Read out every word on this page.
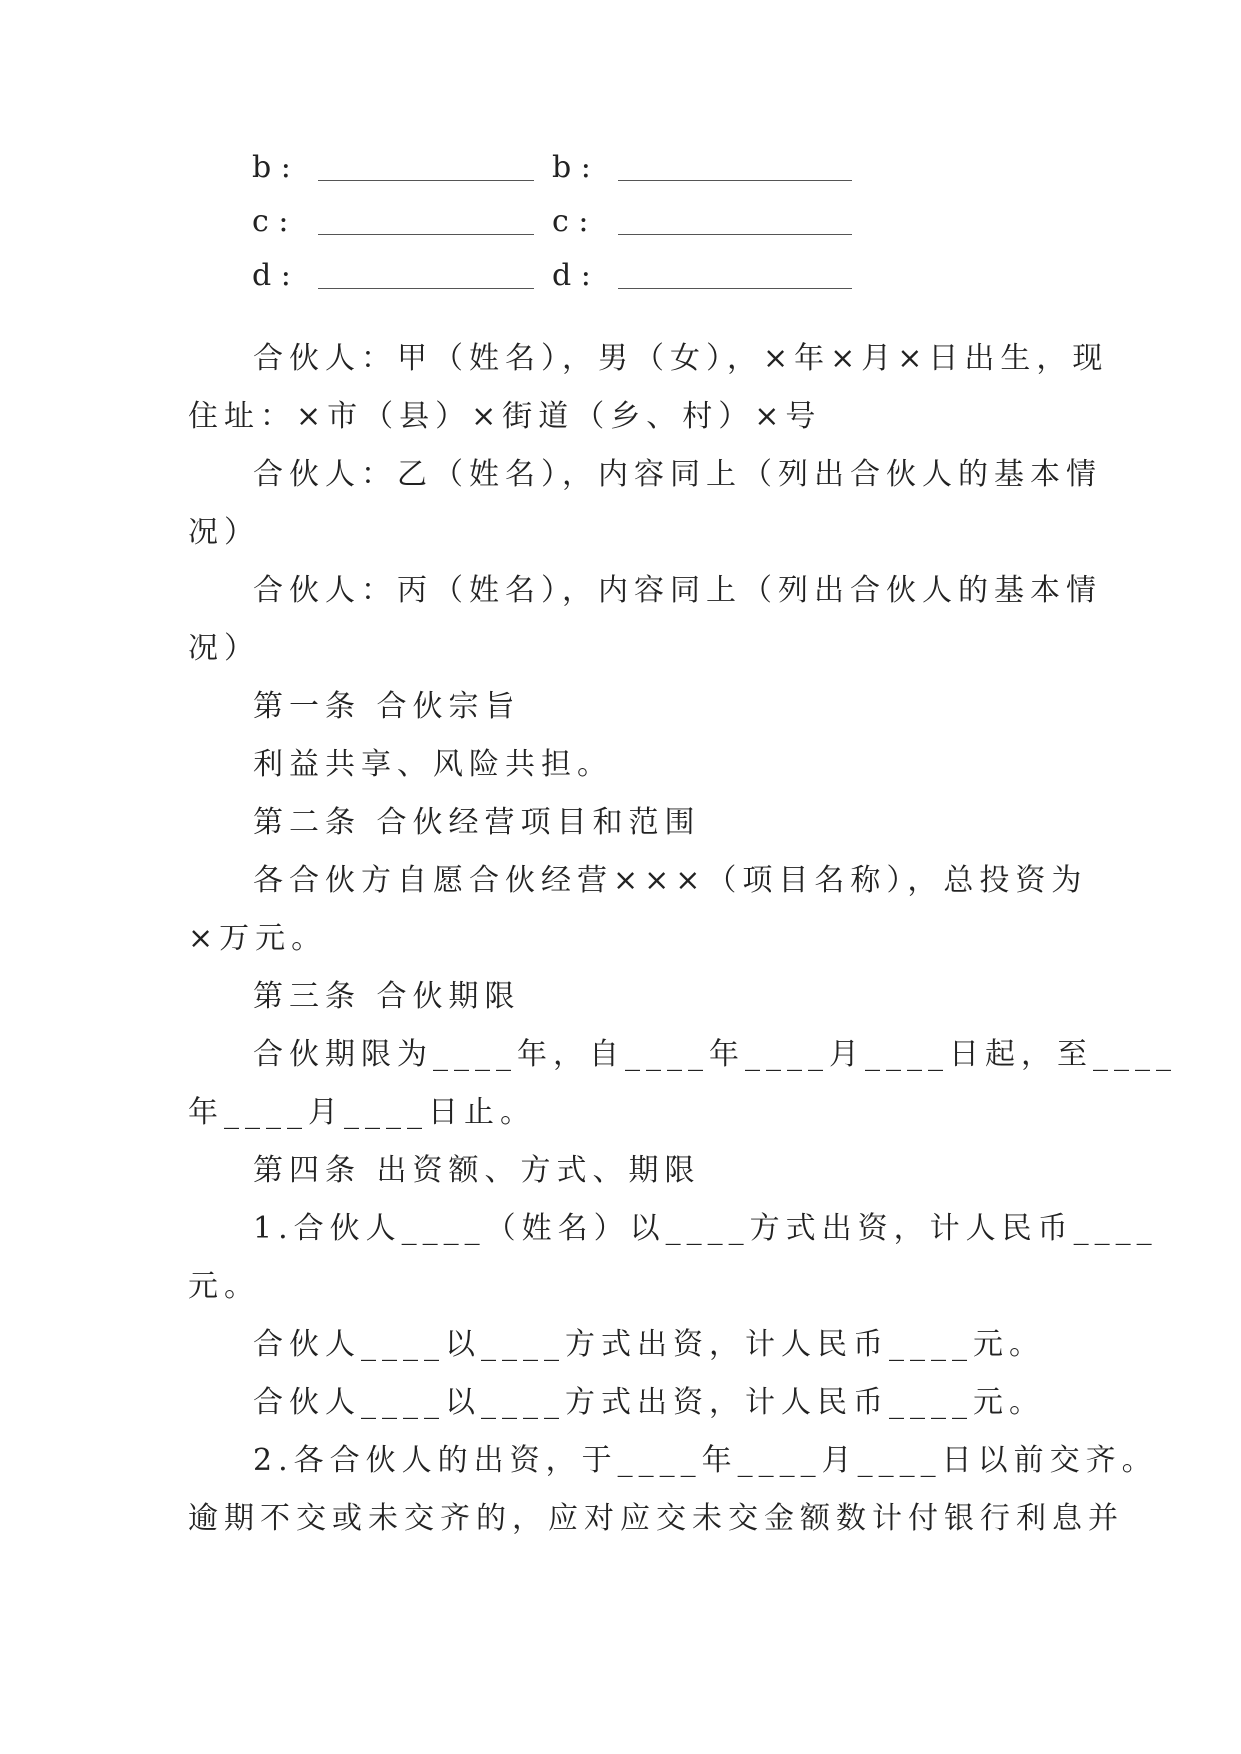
b :	b :
c :	c :
d :	d :
合伙人：甲（姓名），男（女），×年×月×日出生，现
住址：×市（县）×街道（乡、村）×号
合伙人：乙（姓名），内容同上（列出合伙人的基本情
况）
合伙人：丙（姓名），内容同上（列出合伙人的基本情
况）
第一条 合伙宗旨
利益共享、风险共担。
第二条 合伙经营项目和范围
各合伙方自愿合伙经营×××（项目名称），总投资为
×万元。
第三条 合伙期限
合伙期限为____年，自____年____月____日起，至____
年____月____日止。
第四条 出资额、方式、期限
1.合伙人____（姓名）以____方式出资，计人民币____
元。
合伙人____以____方式出资，计人民币____元。
合伙人____以____方式出资，计人民币____元。
2.各合伙人的出资，于____年____月____日以前交齐。
逾期不交或未交齐的，应对应交未交金额数计付银行利息并
